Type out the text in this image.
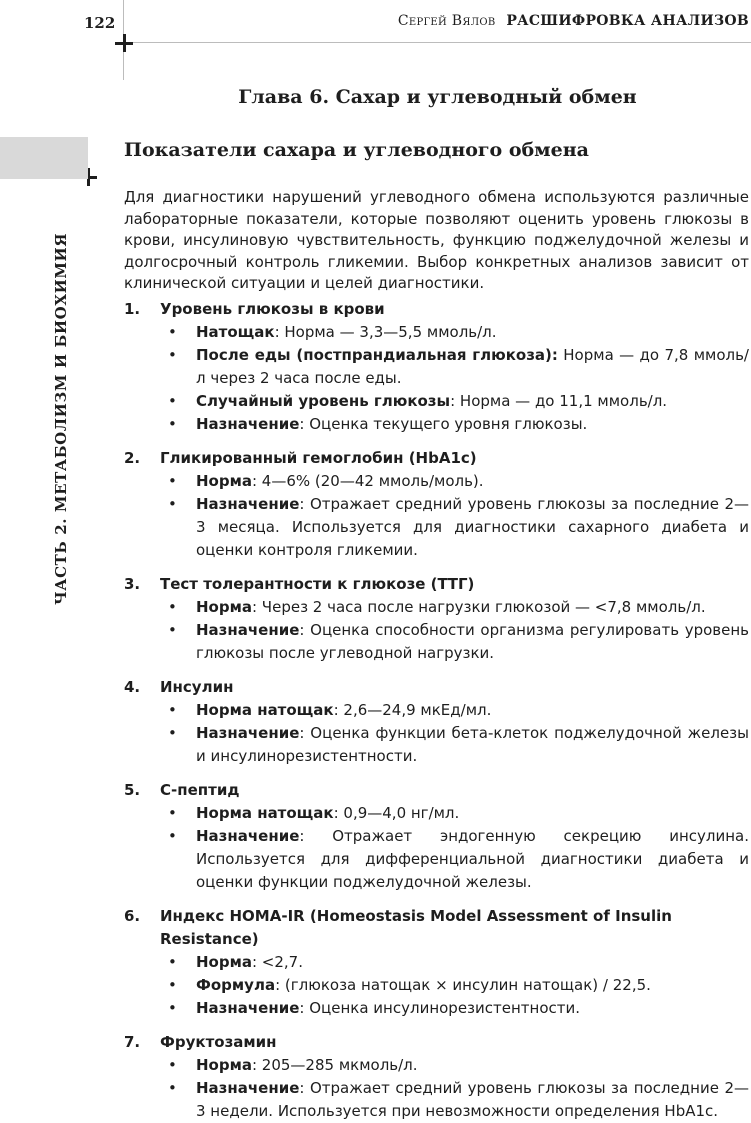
122	Сергей Вялов РАСШИФРОВКА АНАЛИЗОВ
ЧАСТЬ 2. МЕТАБОЛИЗМ И БИОХИМИЯ
Глава 6. Сахар и углеводный обмен
Показатели сахара и углеводного обмена
Для диагностики нарушений углеводного обмена используются различные лабораторные показатели, которые позволяют оценить уровень глюкозы в крови, инсулиновую чувствительность, функцию поджелудочной железы и долгосрочный контроль гликемии. Выбор конкретных анализов зависит от клинической ситуации и целей диагностики.
1. Уровень глюкозы в крови
• Натощак: Норма — 3,3—5,5 ммоль/л.
• После еды (постпрандиальная глюкоза): Норма — до 7,8 ммоль/л через 2 часа после еды.
• Случайный уровень глюкозы: Норма — до 11,1 ммоль/л.
• Назначение: Оценка текущего уровня глюкозы.
2. Гликированный гемоглобин (HbA1c)
• Норма: 4—6% (20—42 ммоль/моль).
• Назначение: Отражает средний уровень глюкозы за последние 2—3 месяца. Используется для диагностики сахарного диабета и оценки контроля гликемии.
3. Тест толерантности к глюкозе (ТТГ)
• Норма: Через 2 часа после нагрузки глюкозой — <7,8 ммоль/л.
• Назначение: Оценка способности организма регулировать уровень глюкозы после углеводной нагрузки.
4. Инсулин
• Норма натощак: 2,6—24,9 мкЕд/мл.
• Назначение: Оценка функции бета-клеток поджелудочной железы и инсулинорезистентности.
5. С-пептид
• Норма натощак: 0,9—4,0 нг/мл.
• Назначение: Отражает эндогенную секрецию инсулина. Используется для дифференциальной диагностики диабета и оценки функции поджелудочной железы.
6. Индекс HOMA-IR (Homeostasis Model Assessment of Insulin Resistance)
• Норма: <2,7.
• Формула: (глюкоза натощак × инсулин натощак) / 22,5.
• Назначение: Оценка инсулинорезистентности.
7. Фруктозамин
• Норма: 205—285 мкмоль/л.
• Назначение: Отражает средний уровень глюкозы за последние 2—3 недели. Используется при невозможности определения HbA1c.
